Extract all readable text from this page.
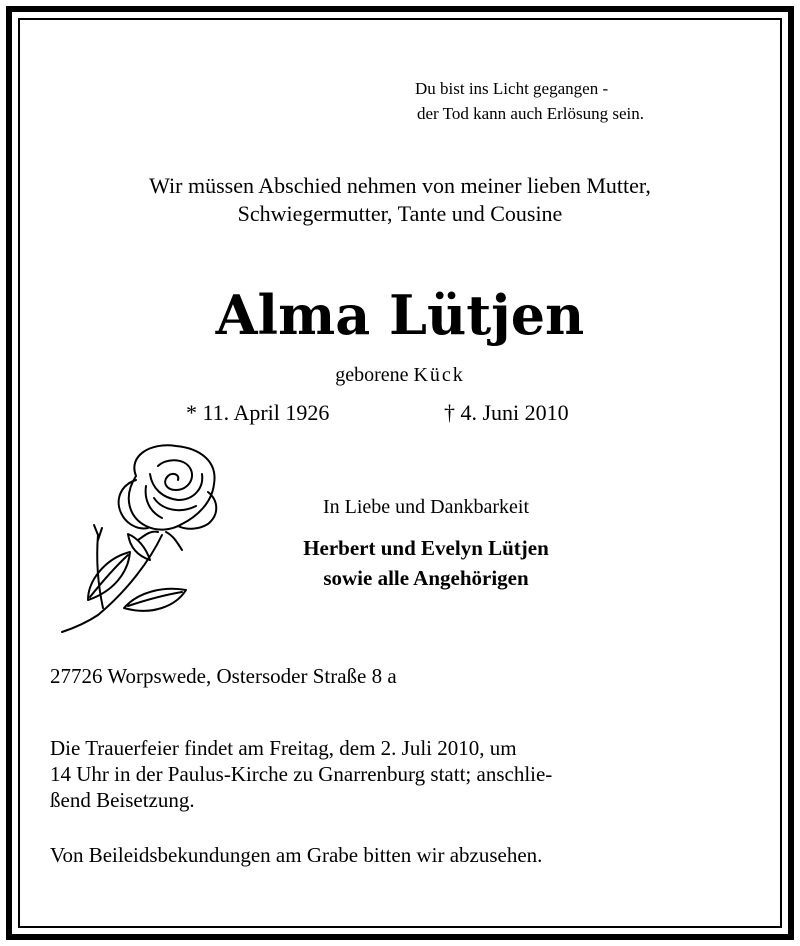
Du bist ins Licht gegangen -
der Tod kann auch Erlösung sein.
Wir müssen Abschied nehmen von meiner lieben Mutter,
Schwiegermutter, Tante und Cousine
Alma Lütjen
geborene Kück
* 11. April 1926	† 4. Juni 2010
In Liebe und Dankbarkeit
Herbert und Evelyn Lütjen
sowie alle Angehörigen
27726 Worpswede, Ostersoder Straße 8 a
Die Trauerfeier findet am Freitag, dem 2. Juli 2010, um
14 Uhr in der Paulus-Kirche zu Gnarrenburg statt; anschlie-
ßend Beisetzung.
Von Beileidsbekundungen am Grabe bitten wir abzusehen.
